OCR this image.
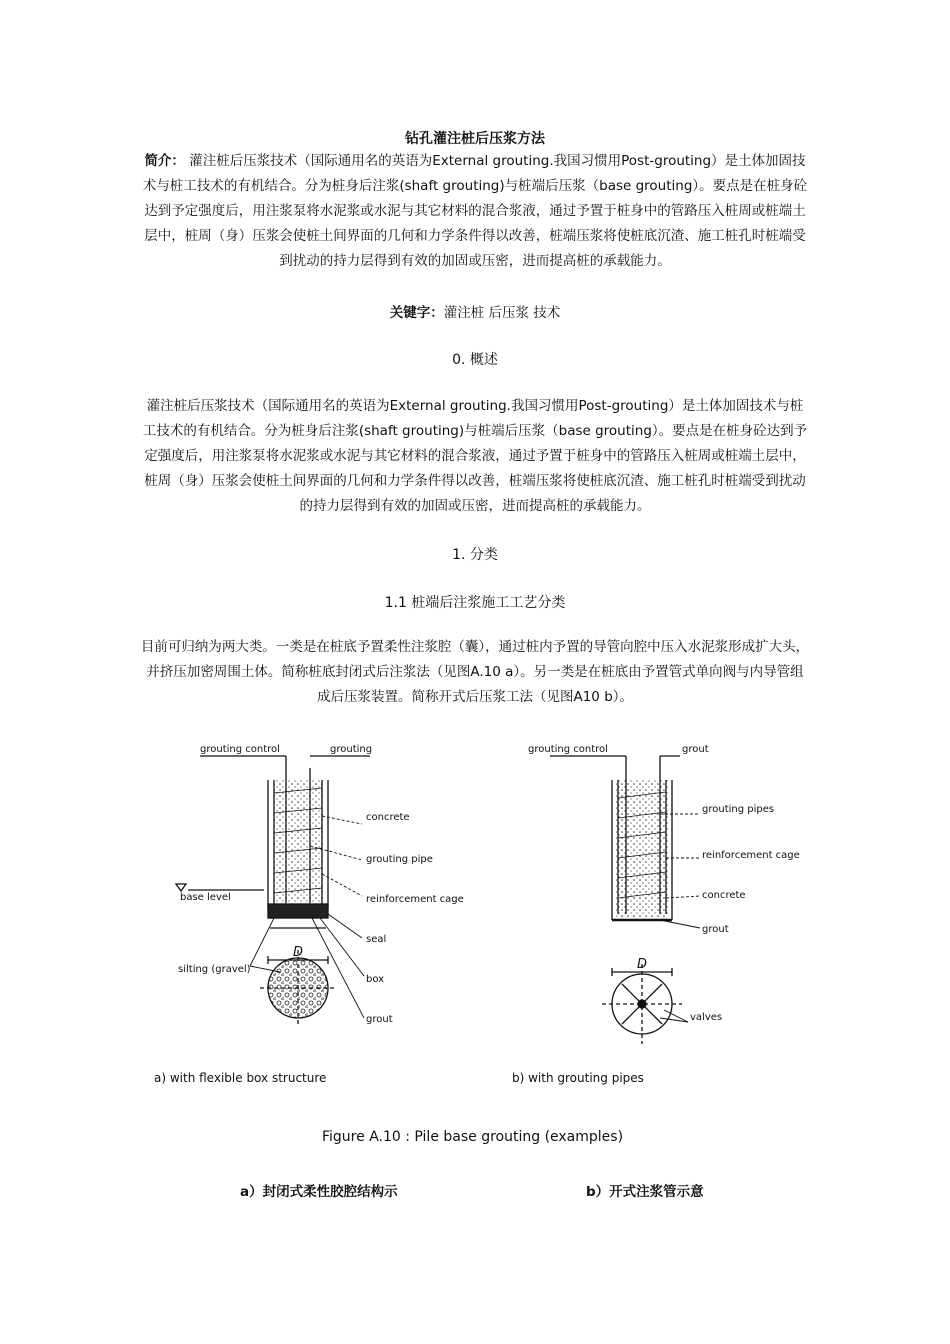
钻孔灌注桩后压浆方法
简介： 灌注桩后压浆技术（国际通用名的英语为External grouting.我国习惯用Post-grouting）是土体加固技术与桩工技术的有机结合。分为桩身后注浆(shaft grouting)与桩端后压浆（base grouting）。要点是在桩身砼达到予定强度后，用注浆泵将水泥浆或水泥与其它材料的混合浆液，通过予置于桩身中的管路压入桩周或桩端土层中，桩周（身）压浆会使桩土间界面的几何和力学条件得以改善，桩端压浆将使桩底沉渣、施工桩孔时桩端受到扰动的持力层得到有效的加固或压密，进而提高桩的承载能力。
关键字：灌注桩 后压浆 技术
0. 概述
灌注桩后压浆技术（国际通用名的英语为External grouting.我国习惯用Post-grouting）是土体加固技术与桩工技术的有机结合。分为桩身后注浆(shaft grouting)与桩端后压浆（base grouting）。要点是在桩身砼达到予定强度后，用注浆泵将水泥浆或水泥与其它材料的混合浆液，通过予置于桩身中的管路压入桩周或桩端土层中，桩周（身）压浆会使桩土间界面的几何和力学条件得以改善，桩端压浆将使桩底沉渣、施工桩孔时桩端受到扰动的持力层得到有效的加固或压密，进而提高桩的承载能力。
1. 分类
1.1 桩端后注浆施工工艺分类
目前可归纳为两大类。一类是在桩底予置柔性注浆腔（囊），通过桩内予置的导管向腔中压入水泥浆形成扩大头，并挤压加密周围土体。简称桩底封闭式后注浆法（见图A.10 a）。另一类是在桩底由予置管式单向阀与内导管组成后压浆装置。简称开式后压浆工法（见图A10 b）。
grouting control	grouting
concrete
grouting pipe
reinforcement cage
base level
seal
silting (gravel)
box
D
grout
a) with flexible box structure
grouting control	grout
grouting pipes
reinforcement cage
concrete
grout
D
valves
b) with grouting pipes
Figure A.10 : Pile base grouting (examples)
a）封闭式柔性胶腔结构示	b）开式注浆管示意
